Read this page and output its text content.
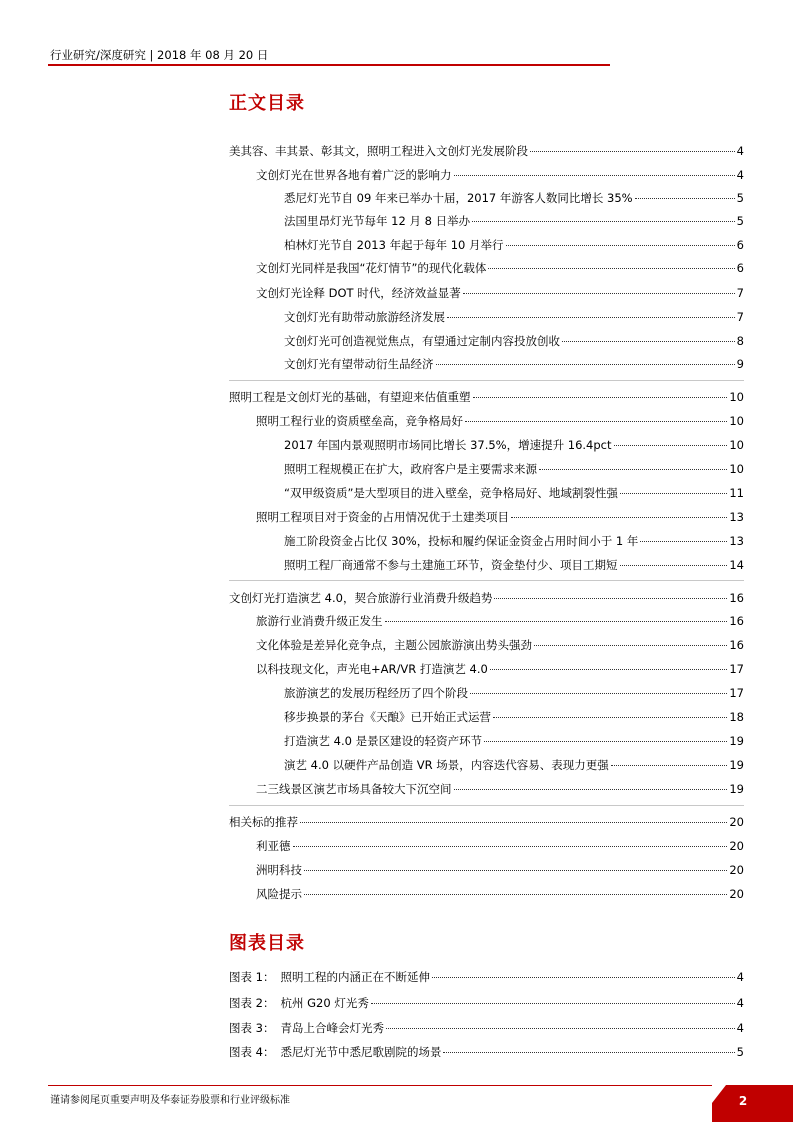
行业研究/深度研究 | 2018 年 08 月 20 日
正文目录
美其容、丰其景、彰其文，照明工程进入文创灯光发展阶段	4
文创灯光在世界各地有着广泛的影响力	4
悉尼灯光节自 09 年来已举办十届，2017 年游客人数同比增长 35%	5
法国里昂灯光节每年 12 月 8 日举办	5
柏林灯光节自 2013 年起于每年 10 月举行	6
文创灯光同样是我国“花灯情节”的现代化载体	6
文创灯光诠释 DOT 时代，经济效益显著	7
文创灯光有助带动旅游经济发展	7
文创灯光可创造视觉焦点，有望通过定制内容投放创收	8
文创灯光有望带动衍生品经济	9
照明工程是文创灯光的基础，有望迎来估值重塑	10
照明工程行业的资质壁垒高，竞争格局好	10
2017 年国内景观照明市场同比增长 37.5%，增速提升 16.4pct	10
照明工程规模正在扩大，政府客户是主要需求来源	10
“双甲级资质”是大型项目的进入壁垒，竞争格局好、地域割裂性强	11
照明工程项目对于资金的占用情况优于土建类项目	13
施工阶段资金占比仅 30%，投标和履约保证金资金占用时间小于 1 年	13
照明工程厂商通常不参与土建施工环节，资金垫付少、项目工期短	14
文创灯光打造演艺 4.0，契合旅游行业消费升级趋势	16
旅游行业消费升级正发生	16
文化体验是差异化竞争点，主题公园旅游演出势头强劲	16
以科技现文化，声光电+AR/VR 打造演艺 4.0	17
旅游演艺的发展历程经历了四个阶段	17
移步换景的茅台《天酿》已开始正式运营	18
打造演艺 4.0 是景区建设的轻资产环节	19
演艺 4.0 以硬件产品创造 VR 场景，内容迭代容易、表现力更强	19
二三线景区演艺市场具备较大下沉空间	19
相关标的推荐	20
利亚德	20
洲明科技	20
风险提示	20
图表目录
图表 1： 照明工程的内涵正在不断延伸	4
图表 2： 杭州 G20 灯光秀	4
图表 3： 青岛上合峰会灯光秀	4
图表 4： 悉尼灯光节中悉尼歌剧院的场景	5
谨请参阅尾页重要声明及华泰证券股票和行业评级标准	2
